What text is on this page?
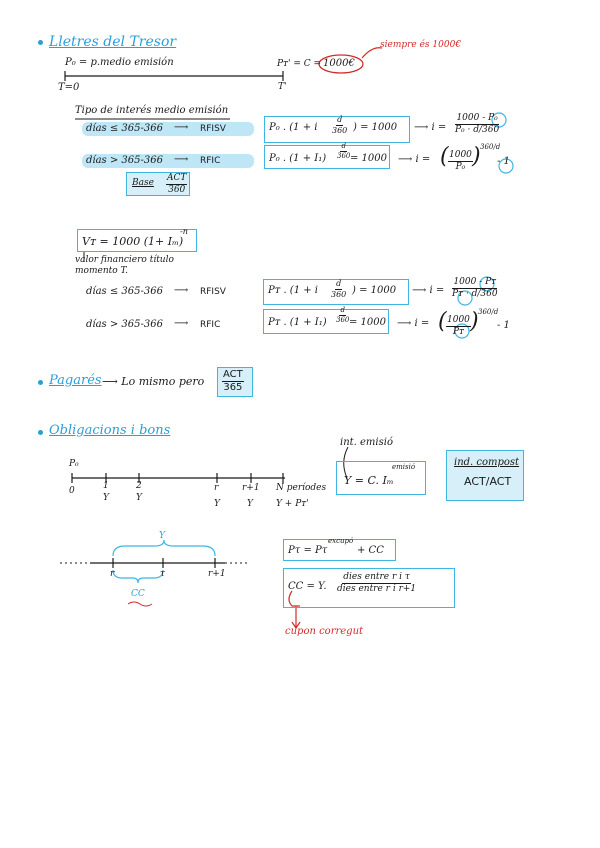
Lletres del Tresor
P₀ = p.medio emisión
T=0
Pᴛ' = C = 1000€
T'
siempre és 1000€
Tipo de interés medio emisión
días ≤ 365-366 ⟶ RFISV	P₀ . (1 + i $\frac{d}{360}$ ) = 1000 ⟶ $i = \frac{\text{1000 - P₀}}{\text{P₀ · d/360}}$
días > 365-366 ⟶ RFIC	P₀ . $(1 + I_1) \frac{d}{360} = 1000$ ⟶ i = ( $\frac{1000}{\text{P₀}}$ ) 360/d
- 1
Base ACT
360
Vᴛ = 1000 (1+ Iₘ)
-n
valor financiero título
momento T.
días ≤ 365-366 ⟶ RFISV	Pᴛ . (1 + i $\frac{d}{360}$ ) = 1000 ⟶ $i = \frac{\text{1000 - Pᴛ}}{\text{Pᴛ · d/360}}$
días > 365-366 ⟶ RFIC	Pᴛ . $(1 + I_1) \frac{d}{360} = 1000$ ⟶ i = ( $\frac{1000}{\text{Pᴛ}}$ ) 360/d
- 1
Pagarés ⟶ Lo mismo pero
ACT
365
Obligacions i bons
P₀
0	1	2	r	r+1 N períodes
Y	Y
Y	Y	Y + Pᴛ'
int. emisió
Y = C. Iₘ
emisió	ind. compost
ACT/ACT
Y
r	τ	r+1
CC
Pτ = Pτ
excupó
+ CC
CC = Y.
dies entre r i τ
dies entre r i r+1
cupon corregut
